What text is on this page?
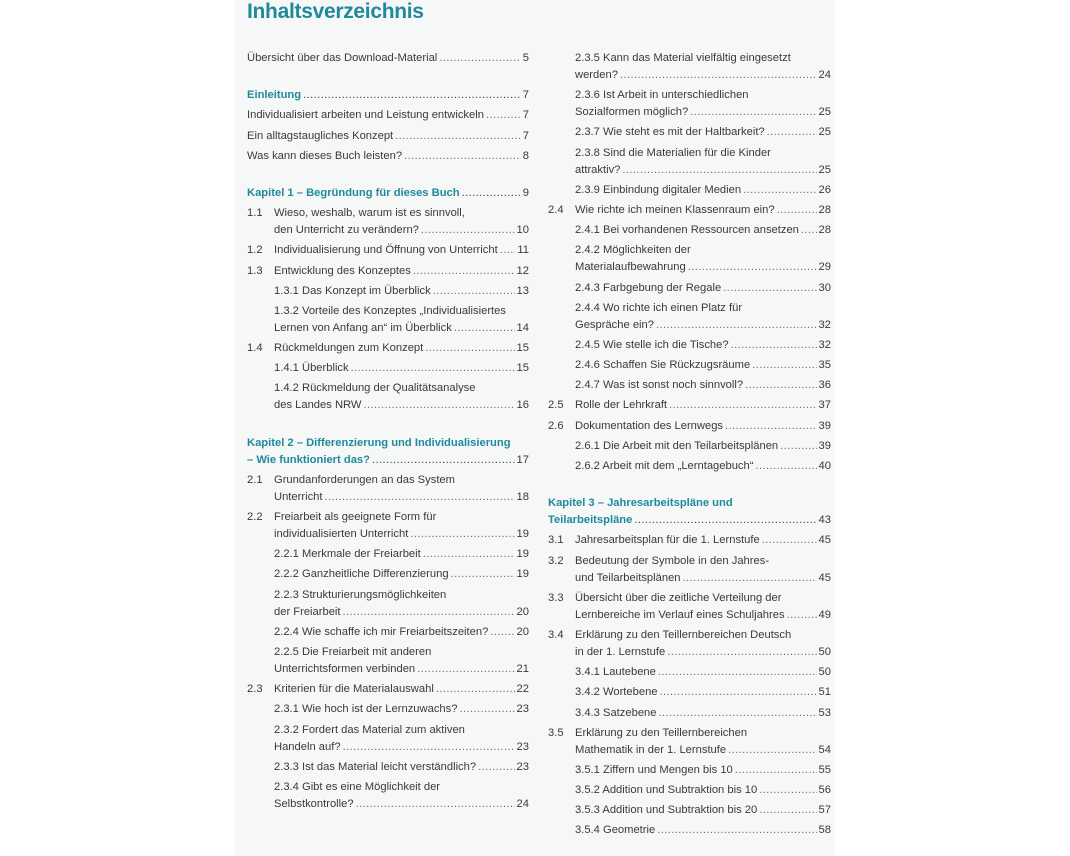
Inhaltsverzeichnis
Übersicht über das Download-Material .....	5
Einleitung .....	7
Individualisiert arbeiten und Leistung entwickeln .....	7
Ein alltagstaugliches Konzept .....	7
Was kann dieses Buch leisten? .....	8
Kapitel 1 – Begründung für dieses Buch .....	9
1.1 Wieso, weshalb, warum ist es sinnvoll,
den Unterricht zu verändern? .....	10
1.2 Individualisierung und Öffnung von Unterricht ..... 11
1.3 Entwicklung des Konzeptes .....	12
1.3.1 Das Konzept im Überblick .....	13
1.3.2 Vorteile des Konzeptes „Individualisiertes
Lernen von Anfang an“ im Überblick .....	14
1.4 Rückmeldungen zum Konzept .....	15
1.4.1 Überblick .....	15
1.4.2 Rückmeldung der Qualitätsanalyse
des Landes NRW .....	16
Kapitel 2 – Differenzierung und Individualisierung
– Wie funktioniert das? .....	17
2.1 Grundanforderungen an das System
Unterricht .....	18
2.2 Freiarbeit als geeignete Form für
individualisierten Unterricht .....	19
2.2.1 Merkmale der Freiarbeit .....	19
2.2.2 Ganzheitliche Differenzierung .....	19
2.2.3 Strukturierungsmöglichkeiten
der Freiarbeit .....	20
2.2.4 Wie schaffe ich mir Freiarbeitszeiten? .....	20
2.2.5 Die Freiarbeit mit anderen
Unterrichtsformen verbinden .....	21
2.3 Kriterien für die Materialauswahl .....	22
2.3.1 Wie hoch ist der Lernzuwachs? .....	23
2.3.2 Fordert das Material zum aktiven
Handeln auf? .....	23
2.3.3 Ist das Material leicht verständlich? .....	23
2.3.4 Gibt es eine Möglichkeit der
Selbstkontrolle? .....	24
2.3.5 Kann das Material vielfältig eingesetzt
werden? .....	24
2.3.6 Ist Arbeit in unterschiedlichen
Sozialformen möglich? .....	25
2.3.7 Wie steht es mit der Haltbarkeit? .....	25
2.3.8 Sind die Materialien für die Kinder
attraktiv? .....	25
2.3.9 Einbindung digitaler Medien .....	26
2.4 Wie richte ich meinen Klassenraum ein? .....	28
2.4.1 Bei vorhandenen Ressourcen ansetzen ..... 28
2.4.2 Möglichkeiten der
Materialaufbewahrung .....	29
2.4.3 Farbgebung der Regale .....	30
2.4.4 Wo richte ich einen Platz für
Gespräche ein? .....	32
2.4.5 Wie stelle ich die Tische? .....	32
2.4.6 Schaffen Sie Rückzugsräume .....	35
2.4.7 Was ist sonst noch sinnvoll? .....	36
2.5 Rolle der Lehrkraft .....	37
2.6 Dokumentation des Lernwegs .....	39
2.6.1 Die Arbeit mit den Teilarbeitsplänen .....	39
2.6.2 Arbeit mit dem „Lerntagebuch“ .....	40
Kapitel 3 – Jahresarbeitspläne und
Teilarbeitspläne .....	43
3.1 Jahresarbeitsplan für die 1. Lernstufe .....	45
3.2 Bedeutung der Symbole in den Jahres-
und Teilarbeitsplänen .....	45
3.3 Übersicht über die zeitliche Verteilung der
Lernbereiche im Verlauf eines Schuljahres .....	49
3.4 Erklärung zu den Teillernbereichen Deutsch
in der 1. Lernstufe .....	50
3.4.1 Lautebene .....	50
3.4.2 Wortebene .....	51
3.4.3 Satzebene .....	53
3.5 Erklärung zu den Teillernbereichen
Mathematik in der 1. Lernstufe .....	54
3.5.1 Ziffern und Mengen bis 10 .....	55
3.5.2 Addition und Subtraktion bis 10 .....	56
3.5.3 Addition und Subtraktion bis 20 .....	57
3.5.4 Geometrie .....	58
